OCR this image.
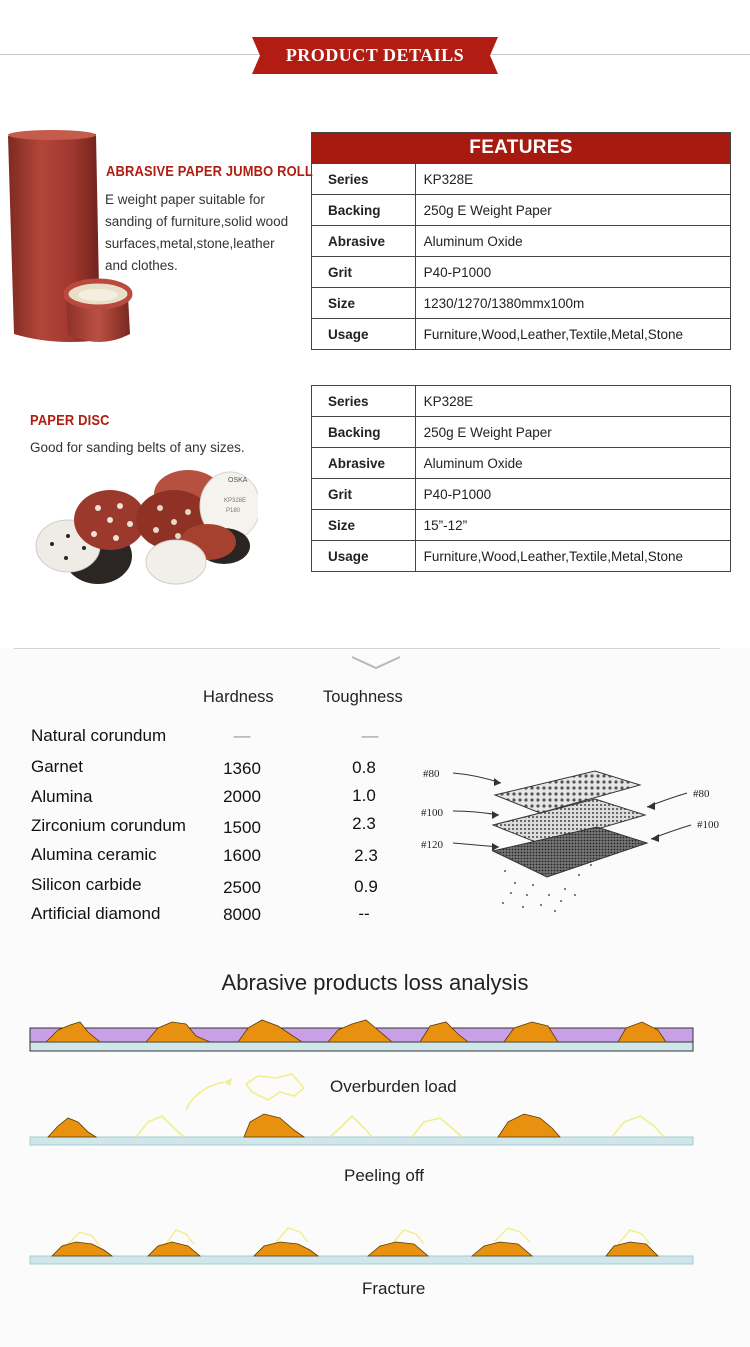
PRODUCT DETAILS
ABRASIVE PAPER JUMBO ROLL
E weight paper suitable for
sanding of furniture,solid wood
surfaces,metal,stone,leather
and clothes.
FEATURES	
Series	KP328E
Backing	250g E Weight Paper
Abrasive	Aluminum Oxide
Grit	P40-P1000
Size	1230/1270/1380mmx100m
Usage	Furniture,Wood,Leather,Textile,Metal,Stone
PAPER DISC
Good for sanding belts of any sizes.
OSKA
KP328E
P180
Series	KP328E
Backing	250g E Weight Paper
Abrasive	Aluminum Oxide
Grit	P40-P1000
Size	15”-12”
Usage	Furniture,Wood,Leather,Textile,Metal,Stone
Hardness	Toughness
Natural corundum	—	—
Garnet	1360	0.8
Alumina	2000	1.0
Zirconium corundum	1500	2.3
Alumina ceramic	1600	2.3
Silicon carbide	2500	0.9
Artificial diamond	8000	--
#80
#100
#120
#80
#100
Abrasive products loss analysis
Overburden load
Peeling off
Fracture
